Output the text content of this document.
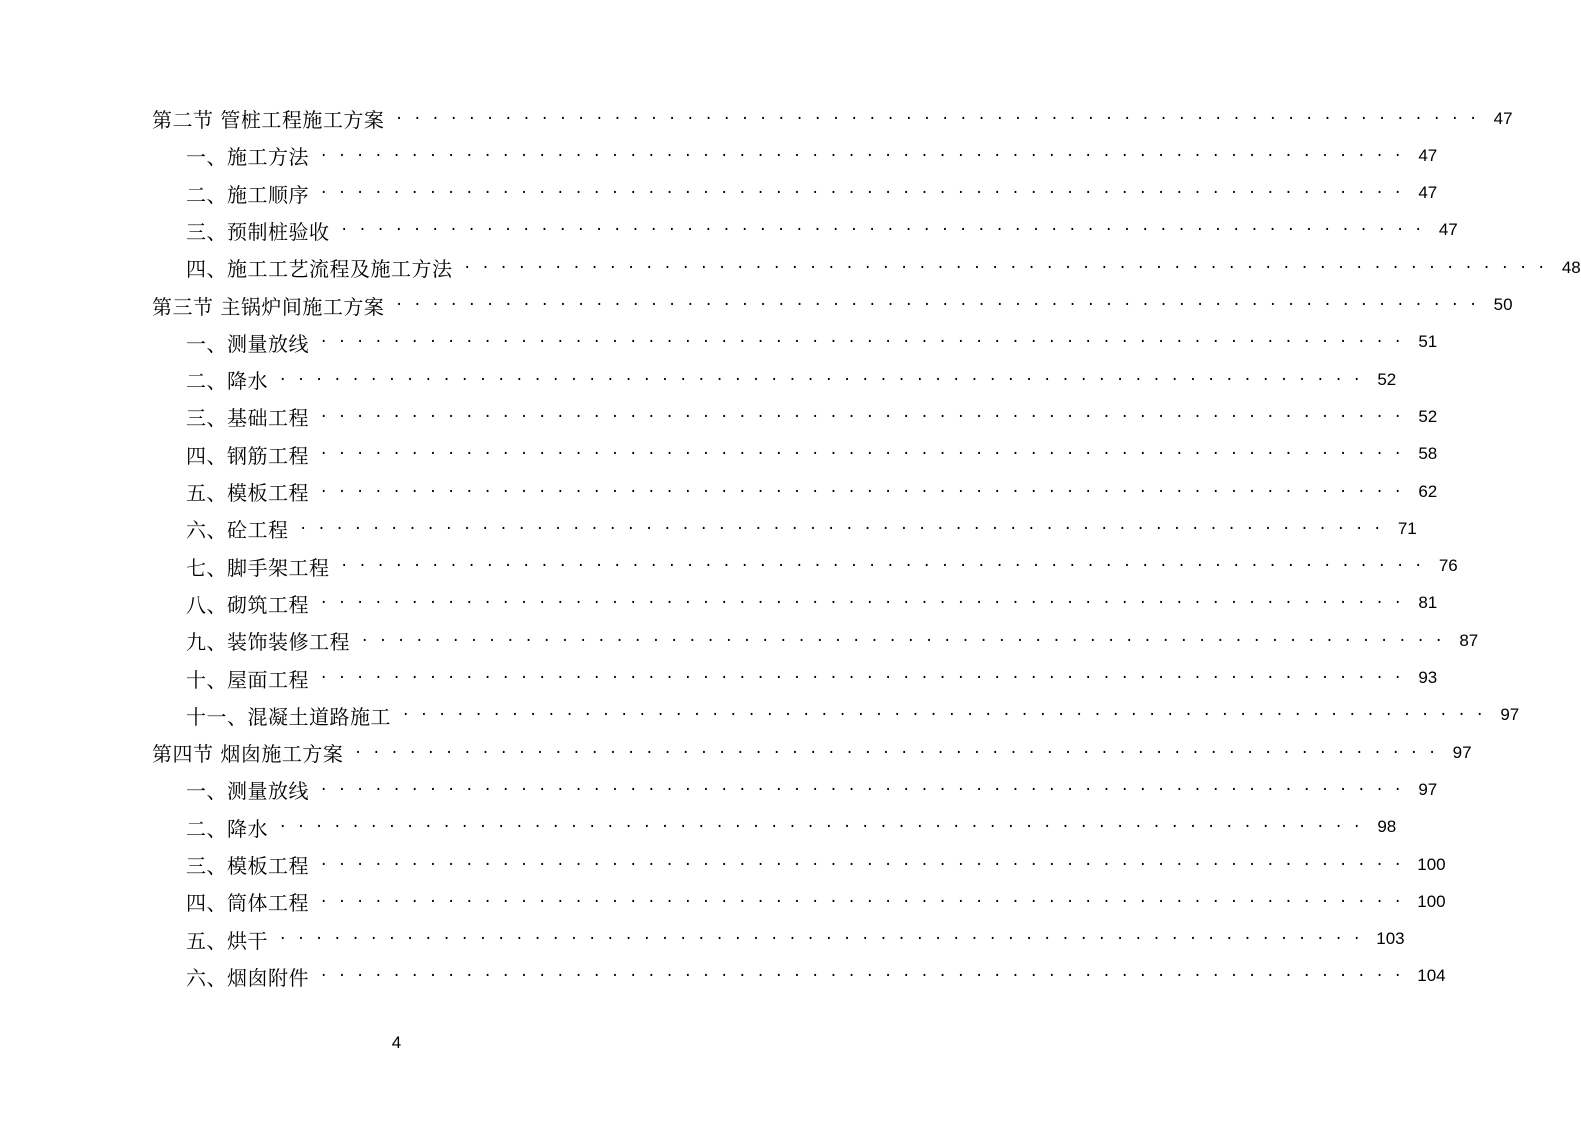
第二节 管桩工程施工方案 ···························································· 47
一、施工方法 ···························································· 47
二、施工顺序 ···························································· 47
三、预制桩验收 ···························································· 47
四、施工工艺流程及施工方法 ···························································· 48
第三节 主锅炉间施工方案 ···························································· 50
一、测量放线 ···························································· 51
二、降水 ···························································· 52
三、基础工程 ···························································· 52
四、钢筋工程 ···························································· 58
五、模板工程 ···························································· 62
六、砼工程 ···························································· 71
七、脚手架工程 ···························································· 76
八、砌筑工程 ···························································· 81
九、装饰装修工程 ···························································· 87
十、屋面工程 ···························································· 93
十一、混凝土道路施工 ···························································· 97
第四节 烟囱施工方案 ···························································· 97
一、测量放线 ···························································· 97
二、降水 ···························································· 98
三、模板工程 ···························································· 100
四、筒体工程 ···························································· 100
五、烘干 ···························································· 103
六、烟囱附件 ···························································· 104
4
